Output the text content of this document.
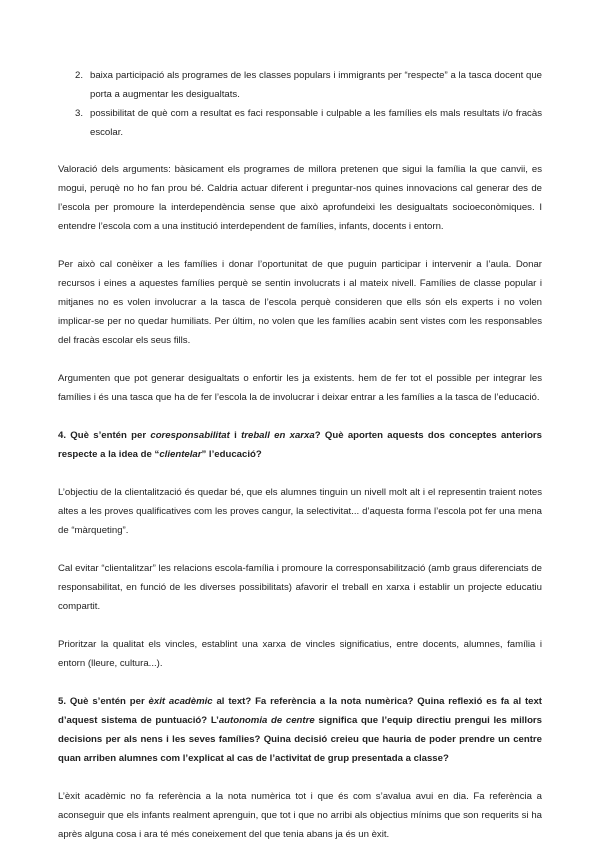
2. baixa participació als programes de les classes populars i immigrants per “respecte” a la tasca docent que porta a augmentar les desigualtats.
3. possibilitat de què com a resultat es faci responsable i culpable a les famílies els mals resultats i/o fracàs escolar.

Valoració dels arguments: bàsicament els programes de millora pretenen que sigui la família la que canvii, es mogui, peruqè no ho fan prou bé. Caldria actuar diferent i preguntar-nos quines innovacions cal generar des de l’escola per promoure la interdependència sense que això aprofundeixi les desigualtats socioeconòmiques. I entendre l’escola com a una institució interdependent de famílies, infants, docents i entorn.

Per això cal conèixer a les famílies i donar l’oportunitat de que puguin participar i intervenir a l’aula. Donar recursos i eines a aquestes famílies perquè se sentin involucrats i al mateix nivell. Famílies de classe popular i mitjanes no es volen involucrar a la tasca de l’escola perquè consideren que ells són els experts i no volen implicar-se per no quedar humiliats. Per últim, no volen que les famílies acabin sent vistes com les responsables del fracàs escolar els seus fills.

Argumenten que pot generar desigualtats o enfortir les ja existents. hem de fer tot el possible per integrar les famílies i és una tasca que ha de fer l’escola la de involucrar i deixar entrar a les famílies a la tasca de l’educació.

4. Què s’entén per coresponsabilitat i treball en xarxa? Què aporten aquests dos conceptes anteriors respecte a la idea de “clientelar” l’educació?

L’objectiu de la clientalització és quedar bé, que els alumnes tinguin un nivell molt alt i el representin traient notes altes a les proves qualificatives com les proves cangur, la selectivitat... d’aquesta forma l’escola pot fer una mena de “màrqueting”.

Cal evitar “clientalitzar” les relacions escola-família i promoure la corresponsabilització (amb graus diferenciats de responsabilitat, en funció de les diverses possibilitats) afavorir el treball en xarxa i establir un projecte educatiu compartit.

Prioritzar la qualitat els vincles, establint una xarxa de vincles significatius, entre docents, alumnes, família i entorn (lleure, cultura...).

5. Què s’entén per èxit acadèmic al text? Fa referència a la nota numèrica? Quina reflexió es fa al text d’aquest sistema de puntuació? L’autonomia de centre significa que l’equip directiu prengui les millors decisions per als nens i les seves famílies? Quina decisió creieu que hauria de poder prendre un centre quan arriben alumnes com l’explicat al cas de l’activitat de grup presentada a classe?

L’èxit acadèmic no fa referència a la nota numèrica tot i que és com s’avalua avui en dia. Fa referència a aconseguir que els infants realment aprenguin, que tot i que no arribi als objectius mínims que son requerits si ha après alguna cosa i ara té més coneixement del que tenia abans ja és un èxit.
